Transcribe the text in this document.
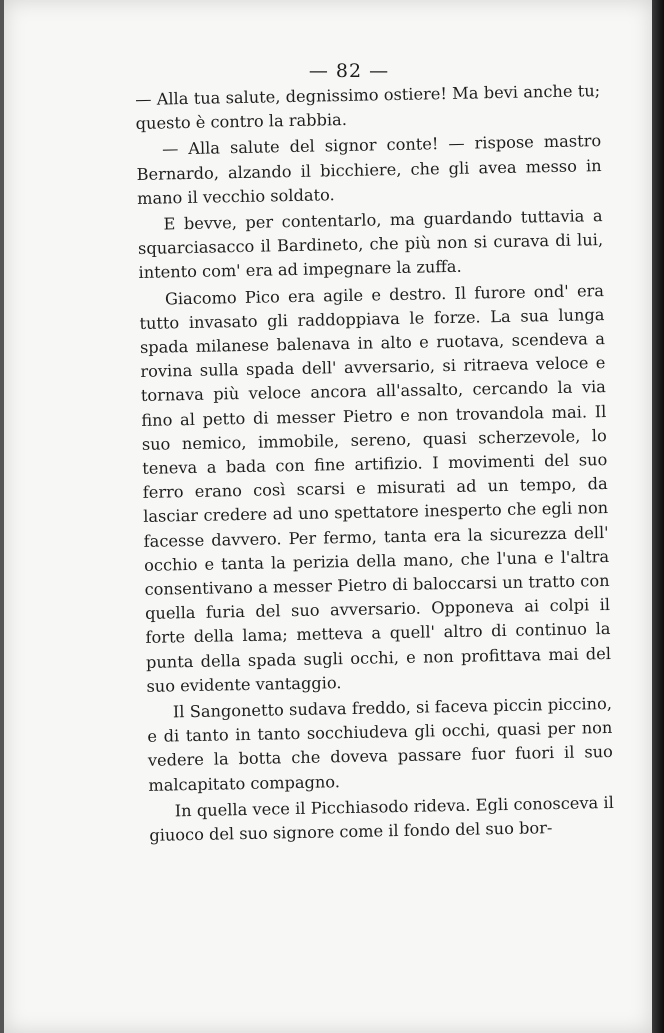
— 82 —

— Alla tua salute, degnissimo ostiere! Ma bevi anche tu; questo è contro la rabbia.

— Alla salute del signor conte! — rispose mastro Bernardo, alzando il bicchiere, che gli avea messo in mano il vecchio soldato.

E bevve, per contentarlo, ma guardando tuttavia a squarciasacco il Bardineto, che più non si curava di lui, intento com' era ad impegnare la zuffa.

Giacomo Pico era agile e destro. Il furore ond' era tutto invasato gli raddoppiava le forze. La sua lunga spada milanese balenava in alto e ruotava, scendeva a rovina sulla spada dell' avversario, si ritraeva veloce e tornava più veloce ancora all'assalto, cercando la via fino al petto di messer Pietro e non trovandola mai. Il suo nemico, immobile, sereno, quasi scherzevole, lo teneva a bada con fine artifizio. I movimenti del suo ferro erano così scarsi e misurati ad un tempo, da lasciar credere ad uno spettatore inesperto che egli non facesse davvero. Per fermo, tanta era la sicurezza dell' occhio e tanta la perizia della mano, che l'una e l'altra consentivano a messer Pietro di baloccarsi un tratto con quella furia del suo avversario. Opponeva ai colpi il forte della lama; metteva a quell' altro di continuo la punta della spada sugli occhi, e non profittava mai del suo evidente vantaggio.

Il Sangonetto sudava freddo, si faceva piccin piccino, e di tanto in tanto socchiudeva gli occhi, quasi per non vedere la botta che doveva passare fuor fuori il suo malcapitato compagno.

In quella vece il Picchiasodo rideva. Egli conosceva il giuoco del suo signore come il fondo del suo bor-
